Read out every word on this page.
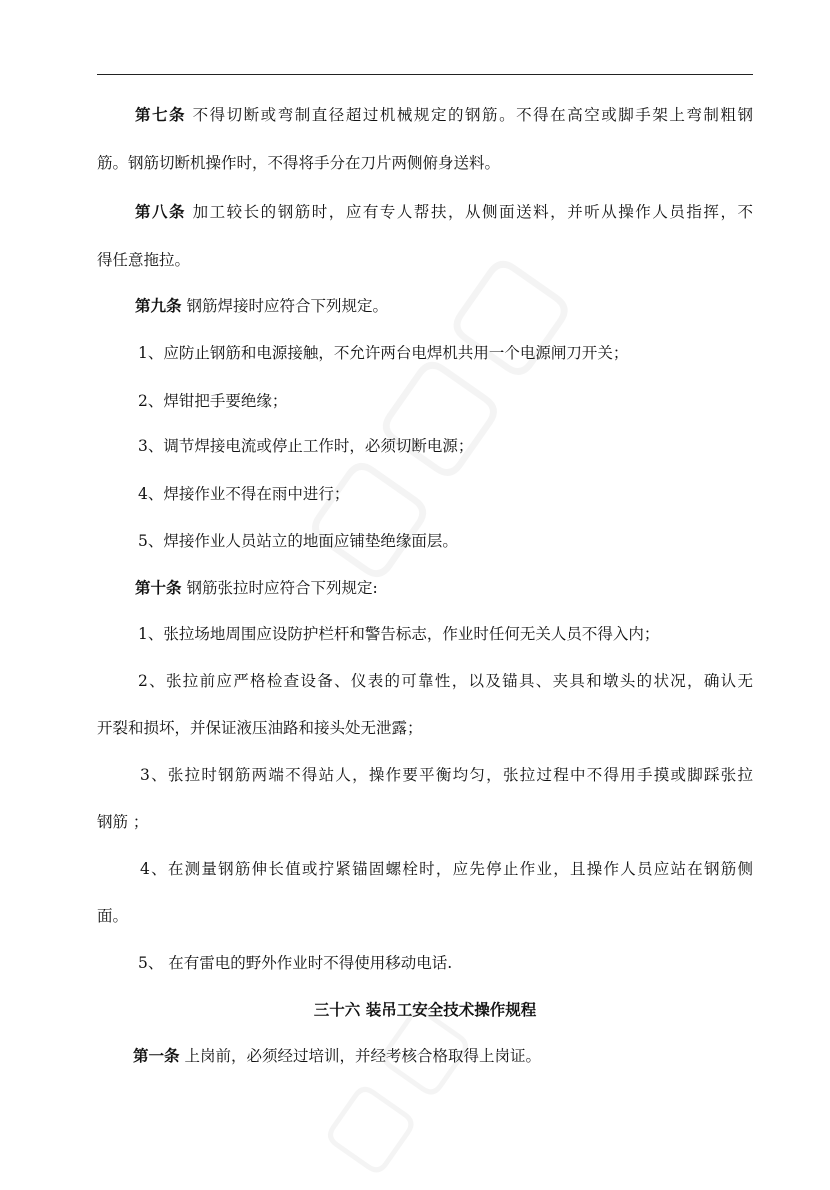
第七条 不得切断或弯制直径超过机械规定的钢筋。不得在高空或脚手架上弯制粗钢
筋。钢筋切断机操作时，不得将手分在刀片两侧俯身送料。
第八条 加工较长的钢筋时，应有专人帮扶，从侧面送料，并听从操作人员指挥，不
得任意拖拉。
第九条 钢筋焊接时应符合下列规定。
1、应防止钢筋和电源接触，不允许两台电焊机共用一个电源闸刀开关；
2、焊钳把手要绝缘；
3、调节焊接电流或停止工作时，必须切断电源；
4、焊接作业不得在雨中进行；
5、焊接作业人员站立的地面应铺垫绝缘面层。
第十条 钢筋张拉时应符合下列规定:
1、张拉场地周围应设防护栏杆和警告标志，作业时任何无关人员不得入内；
2、张拉前应严格检查设备、仪表的可靠性，以及锚具、夹具和墩头的状况，确认无
开裂和损坏，并保证液压油路和接头处无泄露；
3、张拉时钢筋两端不得站人，操作要平衡均匀，张拉过程中不得用手摸或脚踩张拉
钢筋 ；
4、在测量钢筋伸长值或拧紧锚固螺栓时，应先停止作业，且操作人员应站在钢筋侧
面。
5、 在有雷电的野外作业时不得使用移动电话.
三十六 装吊工安全技术操作规程
第一条 上岗前，必须经过培训，并经考核合格取得上岗证。
